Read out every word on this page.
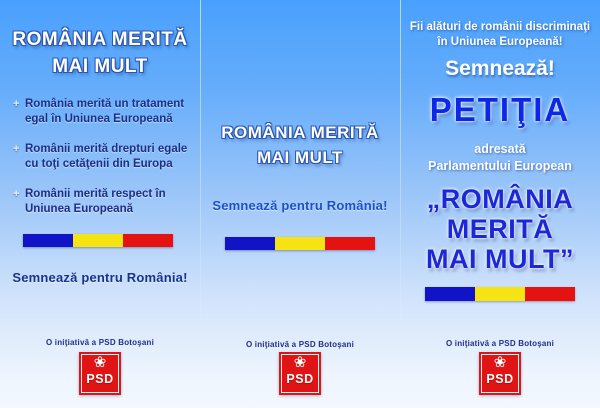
ROMÂNIA MERITĂ
MAI MULT
+ România merită un tratament egal în Uniunea Europeană
+ Românii merită drepturi egale cu toţi cetăţenii din Europa
+ Românii merită respect în Uniunea Europeană
Semnează pentru România!
O iniţiativă a PSD Botoşani
❀
PSD
ROMÂNIA MERITĂ
MAI MULT
Semnează pentru România!
O iniţiativă a PSD Botoşani
❀
PSD
Fii alături de românii discriminaţi
în Uniunea Europeană!
Semnează!
PETIŢIA
adresată
Parlamentului European
„ROMÂNIA
MERITĂ
MAI MULT”
O iniţiativă a PSD Botoşani
❀
PSD
